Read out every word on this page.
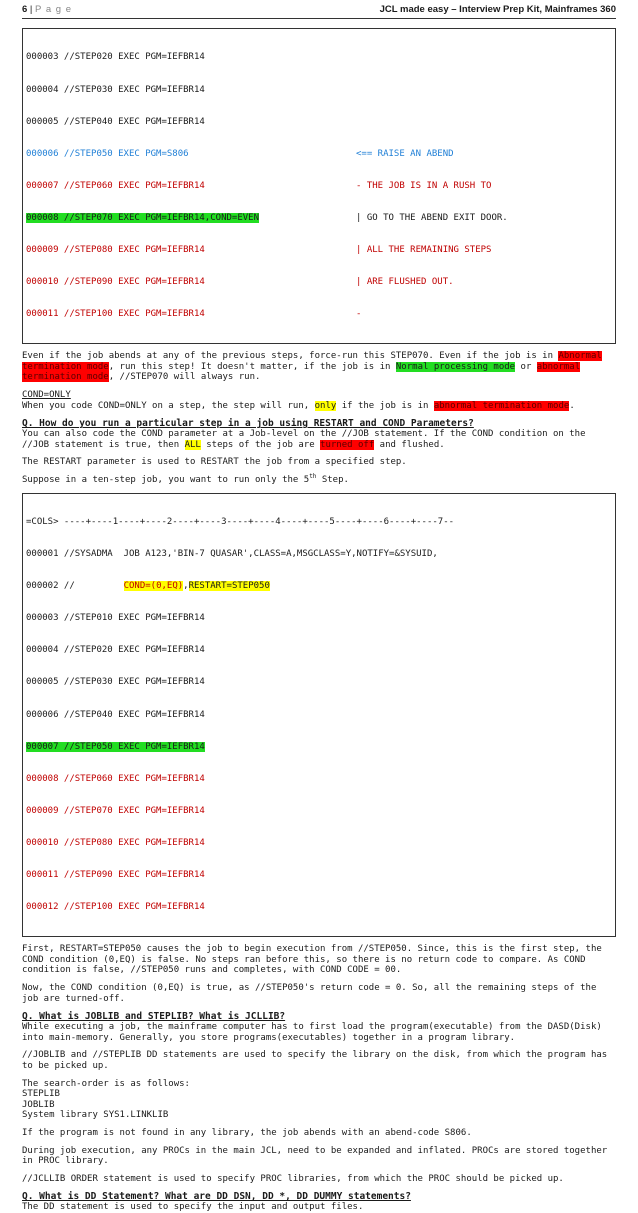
6 | P a g e	JCL made easy – Interview Prep Kit, Mainframes 360

000003 //STEP020 EXEC PGM=IEFBR14

000004 //STEP030 EXEC PGM=IEFBR14

000005 //STEP040 EXEC PGM=IEFBR14

000006 //STEP050 EXEC PGM=S806	<== RAISE AN ABEND

000007 //STEP060 EXEC PGM=IEFBR14	- THE JOB IS IN A RUSH TO

000008 //STEP070 EXEC PGM=IEFBR14,COND=EVEN	| GO TO THE ABEND EXIT DOOR.

000009 //STEP080 EXEC PGM=IEFBR14	| ALL THE REMAINING STEPS

000010 //STEP090 EXEC PGM=IEFBR14	| ARE FLUSHED OUT.

000011 //STEP100 EXEC PGM=IEFBR14	-

Even if the job abends at any of the previous steps, force-run this STEP070. Even if the job is in Abnormal termination mode, run this step! It doesn't matter, if the job is in Normal processing mode or abnormal termination mode, //STEP070 will always run.

COND=ONLY
When you code COND=ONLY on a step, the step will run, only if the job is in abnormal termination mode.

Q. How do you run a particular step in a job using RESTART and COND Parameters?

You can also code the COND parameter at a Job-level on the //JOB statement. If the COND condition on the //JOB statement is true, then ALL steps of the job are turned off and flushed.

The RESTART parameter is used to RESTART the job from a specified step.

Suppose in a ten-step job, you want to run only the 5th Step.

=COLS> ----+----1----+----2----+----3----+----4----+----5----+----6----+----7--

000001 //SYSADMA  JOB A123,'BIN-7 QUASAR',CLASS=A,MSGCLASS=Y,NOTIFY=&SYSUID,

000002 //	COND=(0,EQ),RESTART=STEP050

000003 //STEP010 EXEC PGM=IEFBR14

000004 //STEP020 EXEC PGM=IEFBR14

000005 //STEP030 EXEC PGM=IEFBR14

000006 //STEP040 EXEC PGM=IEFBR14

000007 //STEP050 EXEC PGM=IEFBR14

000008 //STEP060 EXEC PGM=IEFBR14

000009 //STEP070 EXEC PGM=IEFBR14

000010 //STEP080 EXEC PGM=IEFBR14

000011 //STEP090 EXEC PGM=IEFBR14

000012 //STEP100 EXEC PGM=IEFBR14

First, RESTART=STEP050 causes the job to begin execution from //STEP050. Since, this is the first step, the COND condition (0,EQ) is false. No steps ran before this, so there is no return code to compare. As COND condition is false, //STEP050 runs and completes, with COND CODE = 00.

Now, the COND condition (0,EQ) is true, as //STEP050's return code = 0. So, all the remaining steps of the job are turned-off.

Q. What is JOBLIB and STEPLIB? What is JCLLIB?

While executing a job, the mainframe computer has to first load the program(executable) from the DASD(Disk) into main-memory. Generally, you store programs(executables) together in a program library.

//JOBLIB and //STEPLIB DD statements are used to specify the library on the disk, from which the program has to be picked up.

The search-order is as follows:
STEPLIB
JOBLIB
System library SYS1.LINKLIB

If the program is not found in any library, the job abends with an abend-code S806.

During job execution, any PROCs in the main JCL, need to be expanded and inflated. PROCs are stored together in PROC library.

//JCLLIB ORDER statement is used to specify PROC libraries, from which the PROC should be picked up.

Q. What is DD Statement? What are DD DSN, DD *, DD DUMMY statements?

The DD statement is used to specify the input and output files.
